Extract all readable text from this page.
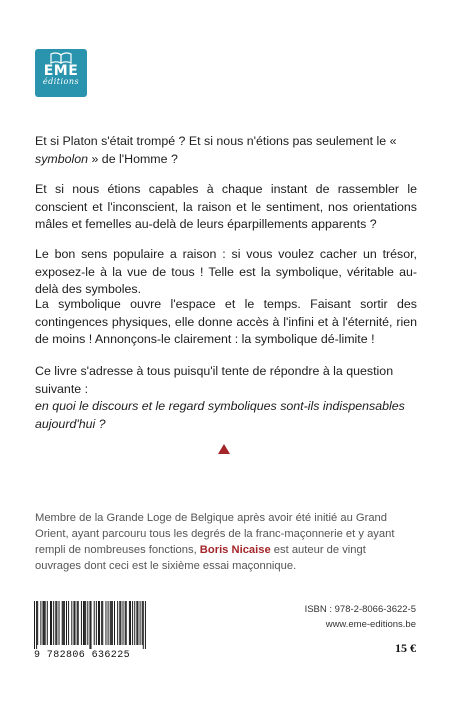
EME
éditions

Et si Platon s'était trompé ? Et si nous n'étions pas seulement le « symbolon » de l'Homme ?

Et si nous étions capables à chaque instant de rassembler le conscient et l'inconscient, la raison et le sentiment, nos orientations mâles et femelles au-delà de leurs éparpillements apparents ?

Le bon sens populaire a raison : si vous voulez cacher un trésor, exposez-le à la vue de tous ! Telle est la symbolique, véritable au-delà des symboles.

La symbolique ouvre l'espace et le temps. Faisant sortir des contingences physiques, elle donne accès à l'infini et à l'éternité, rien de moins ! Annonçons-le clairement : la symbolique dé-limite !

Ce livre s'adresse à tous puisqu'il tente de répondre à la question suivante :
en quoi le discours et le regard symboliques sont-ils indispensables aujourd'hui ?

Membre de la Grande Loge de Belgique après avoir été initié au Grand Orient, ayant parcouru tous les degrés de la franc-maçonnerie et y ayant rempli de nombreuses fonctions, Boris Nicaise est auteur de vingt ouvrages dont ceci est le sixième essai maçonnique.

9 782806 636225
ISBN : 978-2-8066-3622-5
www.eme-editions.be
15 €
